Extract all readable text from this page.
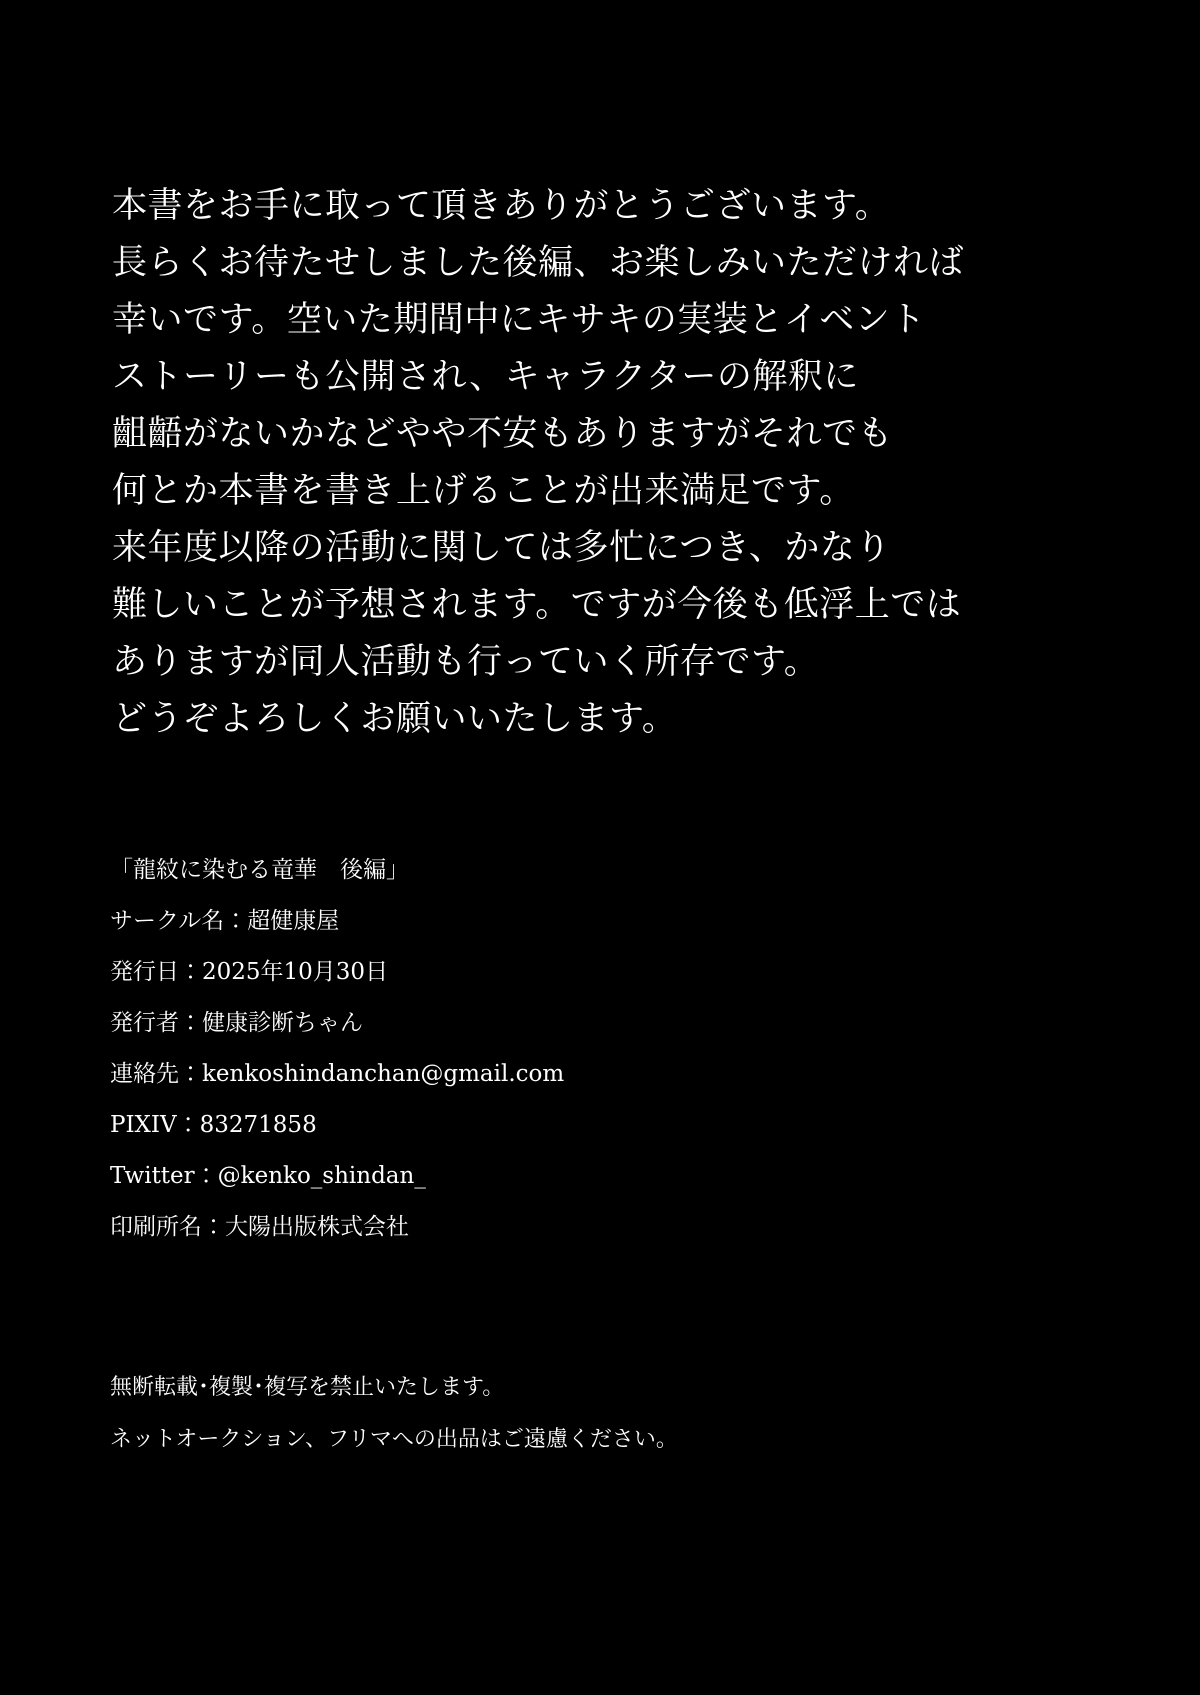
本書をお手に取って頂きありがとうございます。

長らくお待たせしました後編、お楽しみいただければ

幸いです。空いた期間中にキサキの実装とイベント

ストーリーも公開され、キャラクターの解釈に

齟齬がないかなどやや不安もありますがそれでも

何とか本書を書き上げることが出来満足です。

来年度以降の活動に関しては多忙につき、かなり

難しいことが予想されます。ですが今後も低浮上では

ありますが同人活動も行っていく所存です。

どうぞよろしくお願いいたします。

「龍紋に染むる竜華　後編」

サークル名：超健康屋

発行日：2025年10月30日

発行者：健康診断ちゃん

連絡先：kenkoshindanchan@gmail.com

PIXIV：83271858

Twitter：@kenko_shindan_

印刷所名：大陽出版株式会社

無断転載･複製･複写を禁止いたします。

ネットオークション、フリマへの出品はご遠慮ください。
